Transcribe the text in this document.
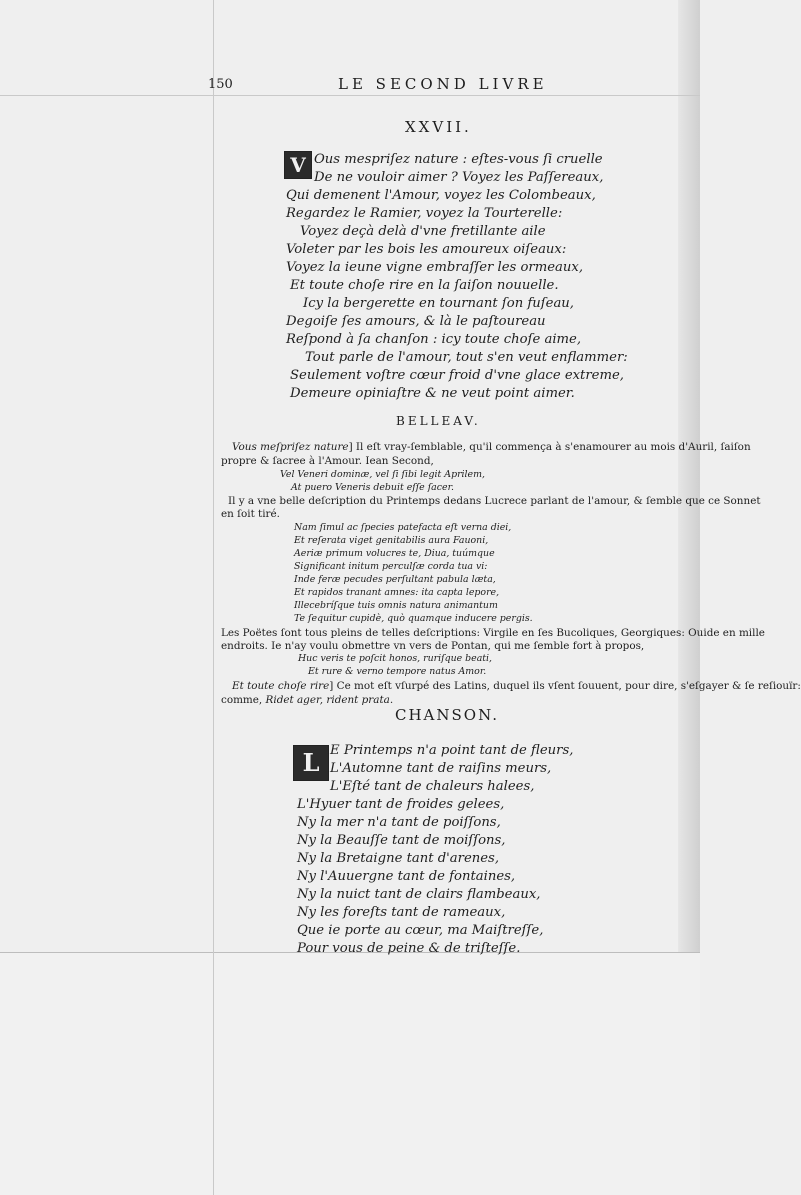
150	LE SECOND LIVRE
XXVII.
V Ous mespriſez nature : eſtes-vous ſi cruelle
De ne vouloir aimer ? Voyez les Paſſereaux,
Qui demenent l'Amour, voyez les Colombeaux,
Regardez le Ramier, voyez la Tourterelle:
Voyez deçà delà d'vne fretillante aile
Voleter par les bois les amoureux oiſeaux:
Voyez la ieune vigne embraſſer les ormeaux,
Et toute choſe rire en la ſaiſon nouuelle.
Icy la bergerette en tournant ſon fuſeau,
Degoiſe ſes amours, & là le paſtoureau
Reſpond à ſa chanſon : icy toute choſe aime,
Tout parle de l'amour, tout s'en veut enflammer:
Seulement voſtre cœur froid d'vne glace extreme,
Demeure opiniaſtre & ne veut point aimer.
BELLEAV.
Vous meſpriſez nature] Il eſt vray-ſemblable, qu'il commença à s'enamourer au mois d'Auril, ſaiſon
propre & ſacree à l'Amour. Iean Second,
Vel Veneri dominæ, vel ſi ſibi legit Aprilem,
At puero Veneris debuit eſſe ſacer.
Il y a vne belle deſcription du Printemps dedans Lucrece parlant de l'amour, & ſemble que ce Sonnet
en ſoit tiré.
Nam ſimul ac ſpecies patefacta eſt verna diei,
Et reſerata viget genitabilis aura Fauoni,
Aeriæ primum volucres te, Diua, tuúmque
Significant initum perculſæ corda tua vi:
Inde feræ pecudes perſultant pabula læta,
Et rapidos tranant amnes: ita capta lepore,
Illecebríſque tuis omnis natura animantum
Te ſequitur cupidè, quò quamque inducere pergis.
Les Poëtes ſont tous pleins de telles deſcriptions: Virgile en ſes Bucoliques, Georgiques: Ouide en mille
endroits. Ie n'ay voulu obmettre vn vers de Pontan, qui me ſemble fort à propos,
Huc veris te poſcit honos, ruriſque beati,
Et rure & verno tempore natus Amor.
Et toute choſe rire] Ce mot eſt vſurpé des Latins, duquel ils vſent ſouuent, pour dire, s'eſgayer & ſe reſiouïr:
comme, Ridet ager, rident prata.
CHANSON.
L E Printemps n'a point tant de fleurs,
L'Automne tant de raiſins meurs,
L'Eſté tant de chaleurs halees,
L'Hyuer tant de froides gelees,
Ny la mer n'a tant de poiſſons,
Ny la Beauſſe tant de moiſſons,
Ny la Bretaigne tant d'arenes,
Ny l'Auuergne tant de fontaines,
Ny la nuict tant de clairs flambeaux,
Ny les foreſts tant de rameaux,
Que ie porte au cœur, ma Maiſtreſſe,
Pour vous de peine & de triſteſſe.
